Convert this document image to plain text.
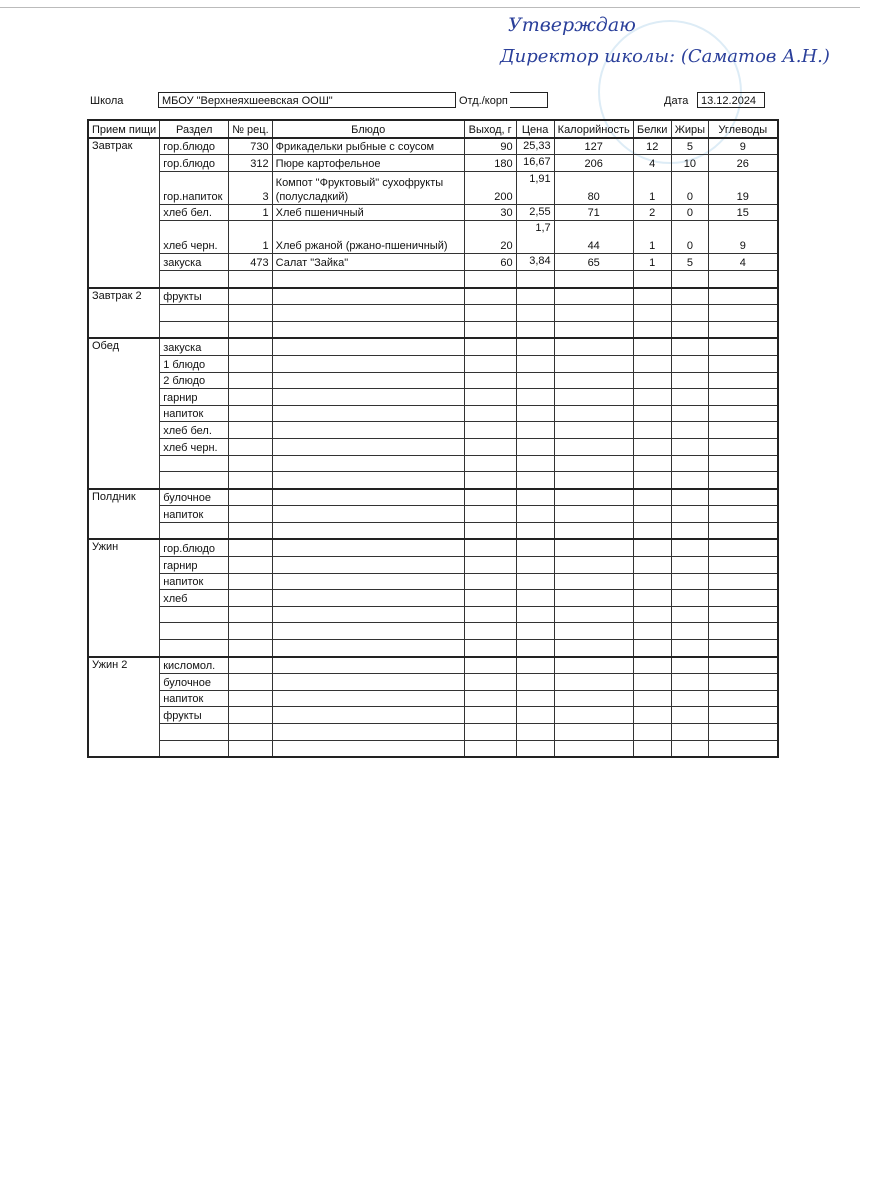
Утверждаю
Директор школы: (Саматов А.Н.)
Школа	МБОУ "Верхнеяхшеевская ООШ"	Отд./корп	Дата	13.12.2024
Прием пищи	Раздел	№ рец.	Блюдо	Выход, г	Цена	Калорийность	Белки	Жиры	Углеводы
Завтрак	гор.блюдо	730	Фрикадельки рыбные с соусом	90	25,33	127	12	5	9
	гор.блюдо	312	Пюре картофельное	180	16,67	206	4	10	26
	гор.напиток	3	Компот "Фруктовый" сухофрукты (полусладкий)	200	1,91	80	1	0	19
	хлеб бел.	1	Хлеб пшеничный	30	2,55	71	2	0	15
	хлеб черн.	1	Хлеб ржаной (ржано-пшеничный)	20	1,7	44	1	0	9
	закуска	473	Салат "Зайка"	60	3,84	65	1	5	4

Завтрак 2	фрукты								

Обед	закуска								
	1 блюдо								
	2 блюдо								
	гарнир								
	напиток								
	хлеб бел.								
	хлеб черн.								

Полдник	булочное								
	напиток								

Ужин	гор.блюдо								
	гарнир								
	напиток								
	хлеб								

Ужин 2	кисломол.								
	булочное								
	напиток								
	фрукты								
